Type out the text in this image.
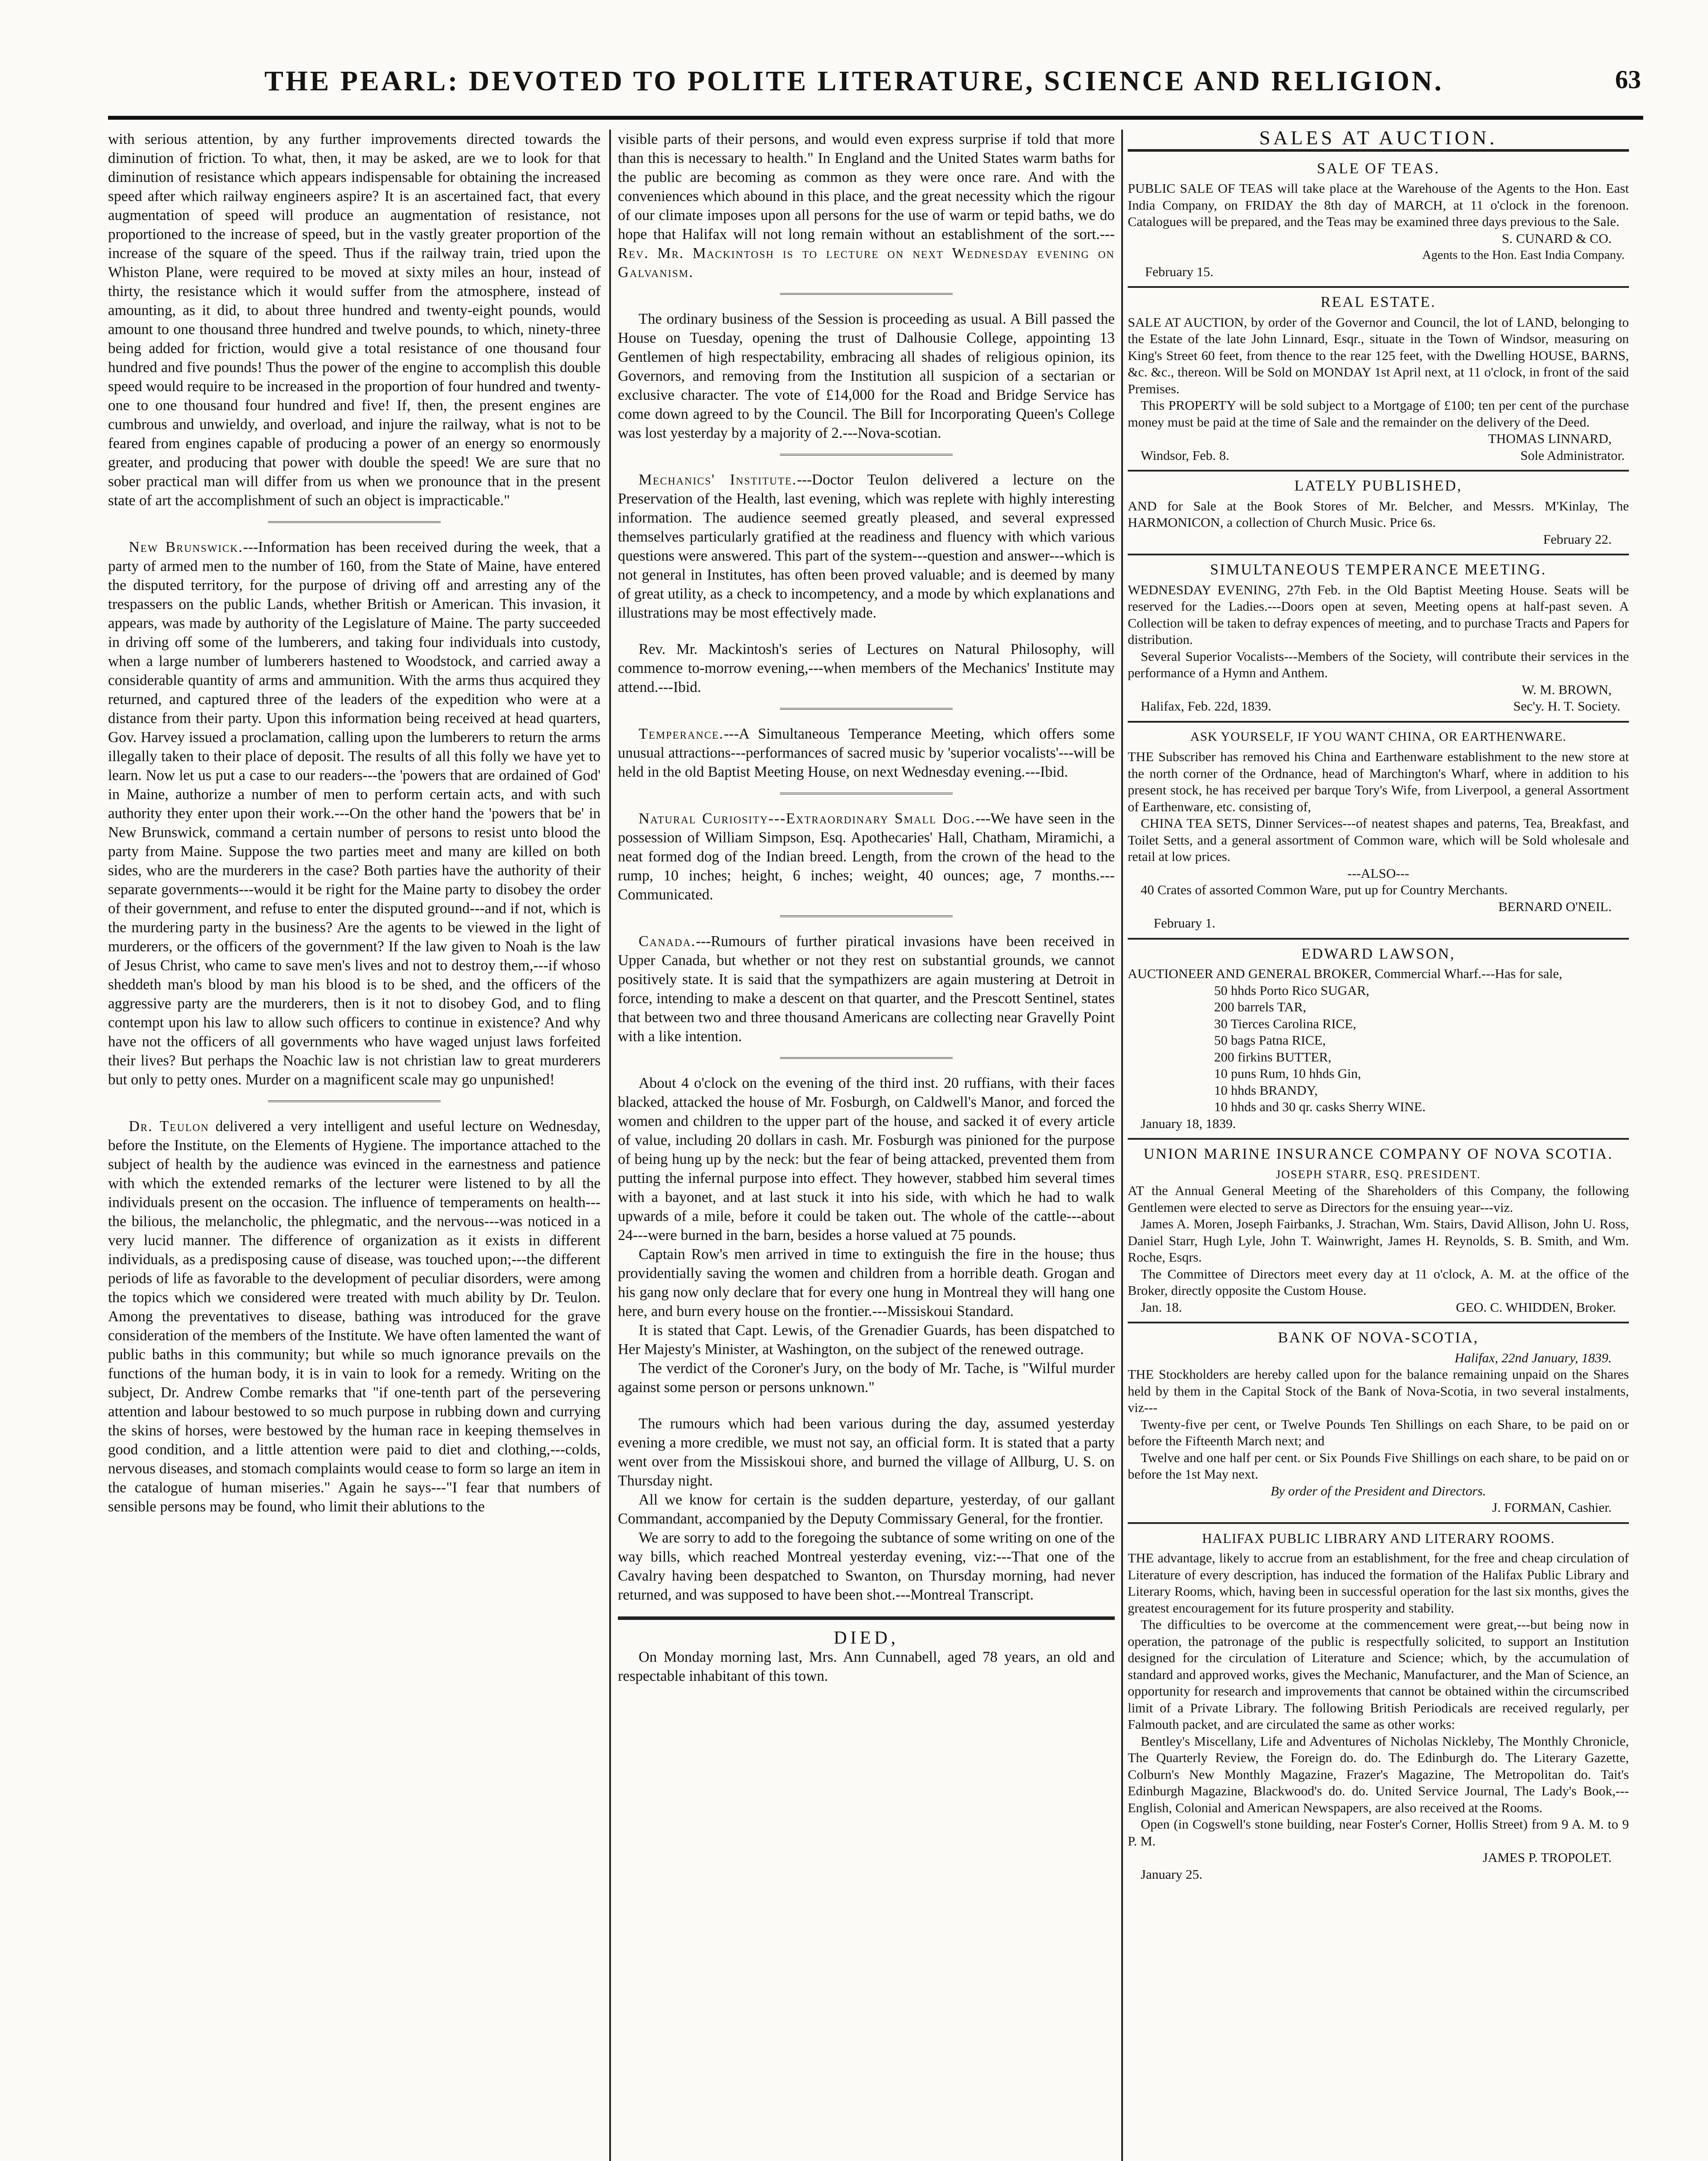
THE PEARL: DEVOTED TO POLITE LITERATURE, SCIENCE AND RELIGION.	63

with serious attention, by any further improvements directed towards the diminution of friction. To what, then, it may be asked, are we to look for that diminution of resistance which appears indispensable for obtaining the increased speed after which railway engineers aspire? It is an ascertained fact, that every augmentation of speed will produce an augmentation of resistance, not proportioned to the increase of speed, but in the vastly greater proportion of the increase of the square of the speed. Thus if the railway train, tried upon the Whiston Plane, were required to be moved at sixty miles an hour, instead of thirty, the resistance which it would suffer from the atmosphere, instead of amounting, as it did, to about three hundred and twenty-eight pounds, would amount to one thousand three hundred and twelve pounds, to which, ninety-three being added for friction, would give a total resistance of one thousand four hundred and five pounds! Thus the power of the engine to accomplish this double speed would require to be increased in the proportion of four hundred and twenty-one to one thousand four hundred and five! If, then, the present engines are cumbrous and unwieldy, and overload, and injure the railway, what is not to be feared from engines capable of producing a power of an energy so enormously greater, and producing that power with double the speed! We are sure that no sober practical man will differ from us when we pronounce that in the present state of art the accomplishment of such an object is impracticable."

New Brunswick.---Information has been received during the week, that a party of armed men to the number of 160, from the State of Maine, have entered the disputed territory, for the purpose of driving off and arresting any of the trespassers on the public Lands, whether British or American. This invasion, it appears, was made by authority of the Legislature of Maine. The party succeeded in driving off some of the lumberers, and taking four individuals into custody, when a large number of lumberers hastened to Woodstock, and carried away a considerable quantity of arms and ammunition. With the arms thus acquired they returned, and captured three of the leaders of the expedition who were at a distance from their party. Upon this information being received at head quarters, Gov. Harvey issued a proclamation, calling upon the lumberers to return the arms illegally taken to their place of deposit. The results of all this folly we have yet to learn. Now let us put a case to our readers---the 'powers that are ordained of God' in Maine, authorize a number of men to perform certain acts, and with such authority they enter upon their work.---On the other hand the 'powers that be' in New Brunswick, command a certain number of persons to resist unto blood the party from Maine. Suppose the two parties meet and many are killed on both sides, who are the murderers in the case? Both parties have the authority of their separate governments---would it be right for the Maine party to disobey the order of their government, and refuse to enter the disputed ground---and if not, which is the murdering party in the business? Are the agents to be viewed in the light of murderers, or the officers of the government? If the law given to Noah is the law of Jesus Christ, who came to save men's lives and not to destroy them,---if whoso sheddeth man's blood by man his blood is to be shed, and the officers of the aggressive party are the murderers, then is it not to disobey God, and to fling contempt upon his law to allow such officers to continue in existence? And why have not the officers of all governments who have waged unjust laws forfeited their lives? But perhaps the Noachic law is not christian law to great murderers but only to petty ones. Murder on a magnificent scale may go unpunished!

Dr. Teulon delivered a very intelligent and useful lecture on Wednesday, before the Institute, on the Elements of Hygiene. The importance attached to the subject of health by the audience was evinced in the earnestness and patience with which the extended remarks of the lecturer were listened to by all the individuals present on the occasion. The influence of temperaments on health---the bilious, the melancholic, the phlegmatic, and the nervous---was noticed in a very lucid manner. The difference of organization as it exists in different individuals, as a predisposing cause of disease, was touched upon;---the different periods of life as favorable to the development of peculiar disorders, were among the topics which we considered were treated with much ability by Dr. Teulon. Among the preventatives to disease, bathing was introduced for the grave consideration of the members of the Institute. We have often lamented the want of public baths in this community; but while so much ignorance prevails on the functions of the human body, it is in vain to look for a remedy. Writing on the subject, Dr. Andrew Combe remarks that "if one-tenth part of the persevering attention and labour bestowed to so much purpose in rubbing down and currying the skins of horses, were bestowed by the human race in keeping themselves in good condition, and a little attention were paid to diet and clothing,---colds, nervous diseases, and stomach complaints would cease to form so large an item in the catalogue of human miseries." Again he says---"I fear that numbers of sensible persons may be found, who limit their ablutions to the

visible parts of their persons, and would even express surprise if told that more than this is necessary to health." In England and the United States warm baths for the public are becoming as common as they were once rare. And with the conveniences which abound in this place, and the great necessity which the rigour of our climate imposes upon all persons for the use of warm or tepid baths, we do hope that Halifax will not long remain without an establishment of the sort.---Rev. Mr. Mackintosh is to lecture on next Wednesday evening on Galvanism.

The ordinary business of the Session is proceeding as usual. A Bill passed the House on Tuesday, opening the trust of Dalhousie College, appointing 13 Gentlemen of high respectability, embracing all shades of religious opinion, its Governors, and removing from the Institution all suspicion of a sectarian or exclusive character. The vote of £14,000 for the Road and Bridge Service has come down agreed to by the Council. The Bill for Incorporating Queen's College was lost yesterday by a majority of 2.---Nova-scotian.

Mechanics' Institute.---Doctor Teulon delivered a lecture on the Preservation of the Health, last evening, which was replete with highly interesting information. The audience seemed greatly pleased, and several expressed themselves particularly gratified at the readiness and fluency with which various questions were answered. This part of the system---question and answer---which is not general in Institutes, has often been proved valuable; and is deemed by many of great utility, as a check to incompetency, and a mode by which explanations and illustrations may be most effectively made.

Rev. Mr. Mackintosh's series of Lectures on Natural Philosophy, will commence to-morrow evening,---when members of the Mechanics' Institute may attend.---Ibid.

Temperance.---A Simultaneous Temperance Meeting, which offers some unusual attractions---performances of sacred music by 'superior vocalists'---will be held in the old Baptist Meeting House, on next Wednesday evening.---Ibid.

Natural Curiosity---Extraordinary Small Dog.---We have seen in the possession of William Simpson, Esq. Apothecaries' Hall, Chatham, Miramichi, a neat formed dog of the Indian breed. Length, from the crown of the head to the rump, 10 inches; height, 6 inches; weight, 40 ounces; age, 7 months.---Communicated.

Canada.---Rumours of further piratical invasions have been received in Upper Canada, but whether or not they rest on substantial grounds, we cannot positively state. It is said that the sympathizers are again mustering at Detroit in force, intending to make a descent on that quarter, and the Prescott Sentinel, states that between two and three thousand Americans are collecting near Gravelly Point with a like intention.

About 4 o'clock on the evening of the third inst. 20 ruffians, with their faces blacked, attacked the house of Mr. Fosburgh, on Caldwell's Manor, and forced the women and children to the upper part of the house, and sacked it of every article of value, including 20 dollars in cash. Mr. Fosburgh was pinioned for the purpose of being hung up by the neck: but the fear of being attacked, prevented them from putting the infernal purpose into effect. They however, stabbed him several times with a bayonet, and at last stuck it into his side, with which he had to walk upwards of a mile, before it could be taken out. The whole of the cattle---about 24---were burned in the barn, besides a horse valued at 75 pounds.

Captain Row's men arrived in time to extinguish the fire in the house; thus providentially saving the women and children from a horrible death. Grogan and his gang now only declare that for every one hung in Montreal they will hang one here, and burn every house on the frontier.---Missiskoui Standard.

It is stated that Capt. Lewis, of the Grenadier Guards, has been dispatched to Her Majesty's Minister, at Washington, on the subject of the renewed outrage.

The verdict of the Coroner's Jury, on the body of Mr. Tache, is "Wilful murder against some person or persons unknown."

The rumours which had been various during the day, assumed yesterday evening a more credible, we must not say, an official form. It is stated that a party went over from the Missiskoui shore, and burned the village of Allburg, U. S. on Thursday night.

All we know for certain is the sudden departure, yesterday, of our gallant Commandant, accompanied by the Deputy Commissary General, for the frontier.

We are sorry to add to the foregoing the subtance of some writing on one of the way bills, which reached Montreal yesterday evening, viz:---That one of the Cavalry having been despatched to Swanton, on Thursday morning, had never returned, and was supposed to have been shot.---Montreal Transcript.

DIED,

On Monday morning last, Mrs. Ann Cunnabell, aged 78 years, an old and respectable inhabitant of this town.

SALES AT AUCTION.
SALE OF TEAS.

PUBLIC SALE OF TEAS will take place at the Warehouse of the Agents to the Hon. East India Company, on FRIDAY the 8th day of MARCH, at 11 o'clock in the forenoon. Catalogues will be prepared, and the Teas may be examined three days previous to the Sale.

S. CUNARD & CO.
Agents to the Hon. East India Company.
February 15.
REAL ESTATE.

SALE AT AUCTION, by order of the Governor and Council, the lot of LAND, belonging to the Estate of the late John Linnard, Esqr., situate in the Town of Windsor, measuring on King's Street 60 feet, from thence to the rear 125 feet, with the Dwelling HOUSE, BARNS, &c. &c., thereon. Will be Sold on MONDAY 1st April next, at 11 o'clock, in front of the said Premises.

This PROPERTY will be sold subject to a Mortgage of £100; ten per cent of the purchase money must be paid at the time of Sale and the remainder on the delivery of the Deed.

THOMAS LINNARD,
Windsor, Feb. 8.	Sole Administrator.
LATELY PUBLISHED,

AND for Sale at the Book Stores of Mr. Belcher, and Messrs. M'Kinlay, The HARMONICON, a collection of Church Music. Price 6s.

February 22.
SIMULTANEOUS TEMPERANCE MEETING.

WEDNESDAY EVENING, 27th Feb. in the Old Baptist Meeting House. Seats will be reserved for the Ladies.---Doors open at seven, Meeting opens at half-past seven. A Collection will be taken to defray expences of meeting, and to purchase Tracts and Papers for distribution.

Several Superior Vocalists---Members of the Society, will contribute their services in the performance of a Hymn and Anthem.

W. M. BROWN,
Halifax, Feb. 22d, 1839.	Sec'y. H. T. Society.
ASK YOURSELF, IF YOU WANT CHINA, OR EARTHENWARE.

THE Subscriber has removed his China and Earthenware establishment to the new store at the north corner of the Ordnance, head of Marchington's Wharf, where in addition to his present stock, he has received per barque Tory's Wife, from Liverpool, a general Assortment of Earthenware, etc. consisting of,

CHINA TEA SETS, Dinner Services---of neatest shapes and paterns, Tea, Breakfast, and Toilet Setts, and a general assortment of Common ware, which will be Sold wholesale and retail at low prices.

---ALSO---

40 Crates of assorted Common Ware, put up for Country Merchants.

BERNARD O'NEIL.
February 1.
EDWARD LAWSON,

AUCTIONEER AND GENERAL BROKER, Commercial Wharf.---Has for sale,

50 hhds Porto Rico SUGAR,
200 barrels TAR,
30 Tierces Carolina RICE,
50 bags Patna RICE,
200 firkins BUTTER,
10 puns Rum, 10 hhds Gin,
10 hhds BRANDY,
10 hhds and 30 qr. casks Sherry WINE.
January 18, 1839.
UNION MARINE INSURANCE COMPANY OF NOVA SCOTIA.
JOSEPH STARR, ESQ. PRESIDENT.

AT the Annual General Meeting of the Shareholders of this Company, the following Gentlemen were elected to serve as Directors for the ensuing year---viz.

James A. Moren, Joseph Fairbanks, J. Strachan, Wm. Stairs, David Allison, John U. Ross, Daniel Starr, Hugh Lyle, John T. Wainwright, James H. Reynolds, S. B. Smith, and Wm. Roche, Esqrs.

The Committee of Directors meet every day at 11 o'clock, A. M. at the office of the Broker, directly opposite the Custom House.

Jan. 18.	GEO. C. WHIDDEN, Broker.
BANK OF NOVA-SCOTIA,
Halifax, 22nd January, 1839.

THE Stockholders are hereby called upon for the balance remaining unpaid on the Shares held by them in the Capital Stock of the Bank of Nova-Scotia, in two several instalments, viz---

Twenty-five per cent, or Twelve Pounds Ten Shillings on each Share, to be paid on or before the Fifteenth March next; and

Twelve and one half per cent. or Six Pounds Five Shillings on each share, to be paid on or before the 1st May next.

By order of the President and Directors.
J. FORMAN, Cashier.
HALIFAX PUBLIC LIBRARY AND LITERARY ROOMS.

THE advantage, likely to accrue from an establishment, for the free and cheap circulation of Literature of every description, has induced the formation of the Halifax Public Library and Literary Rooms, which, having been in successful operation for the last six months, gives the greatest encouragement for its future prosperity and stability.

The difficulties to be overcome at the commencement were great,---but being now in operation, the patronage of the public is respectfully solicited, to support an Institution designed for the circulation of Literature and Science; which, by the accumulation of standard and approved works, gives the Mechanic, Manufacturer, and the Man of Science, an opportunity for research and improvements that cannot be obtained within the circumscribed limit of a Private Library. The following British Periodicals are received regularly, per Falmouth packet, and are circulated the same as other works:

Bentley's Miscellany, Life and Adventures of Nicholas Nickleby, The Monthly Chronicle, The Quarterly Review, the Foreign do. do. The Edinburgh do. The Literary Gazette, Colburn's New Monthly Magazine, Frazer's Magazine, The Metropolitan do. Tait's Edinburgh Magazine, Blackwood's do. do. United Service Journal, The Lady's Book,---English, Colonial and American Newspapers, are also received at the Rooms.

Open (in Cogswell's stone building, near Foster's Corner, Hollis Street) from 9 A. M. to 9 P. M.

JAMES P. TROPOLET.
January 25.
